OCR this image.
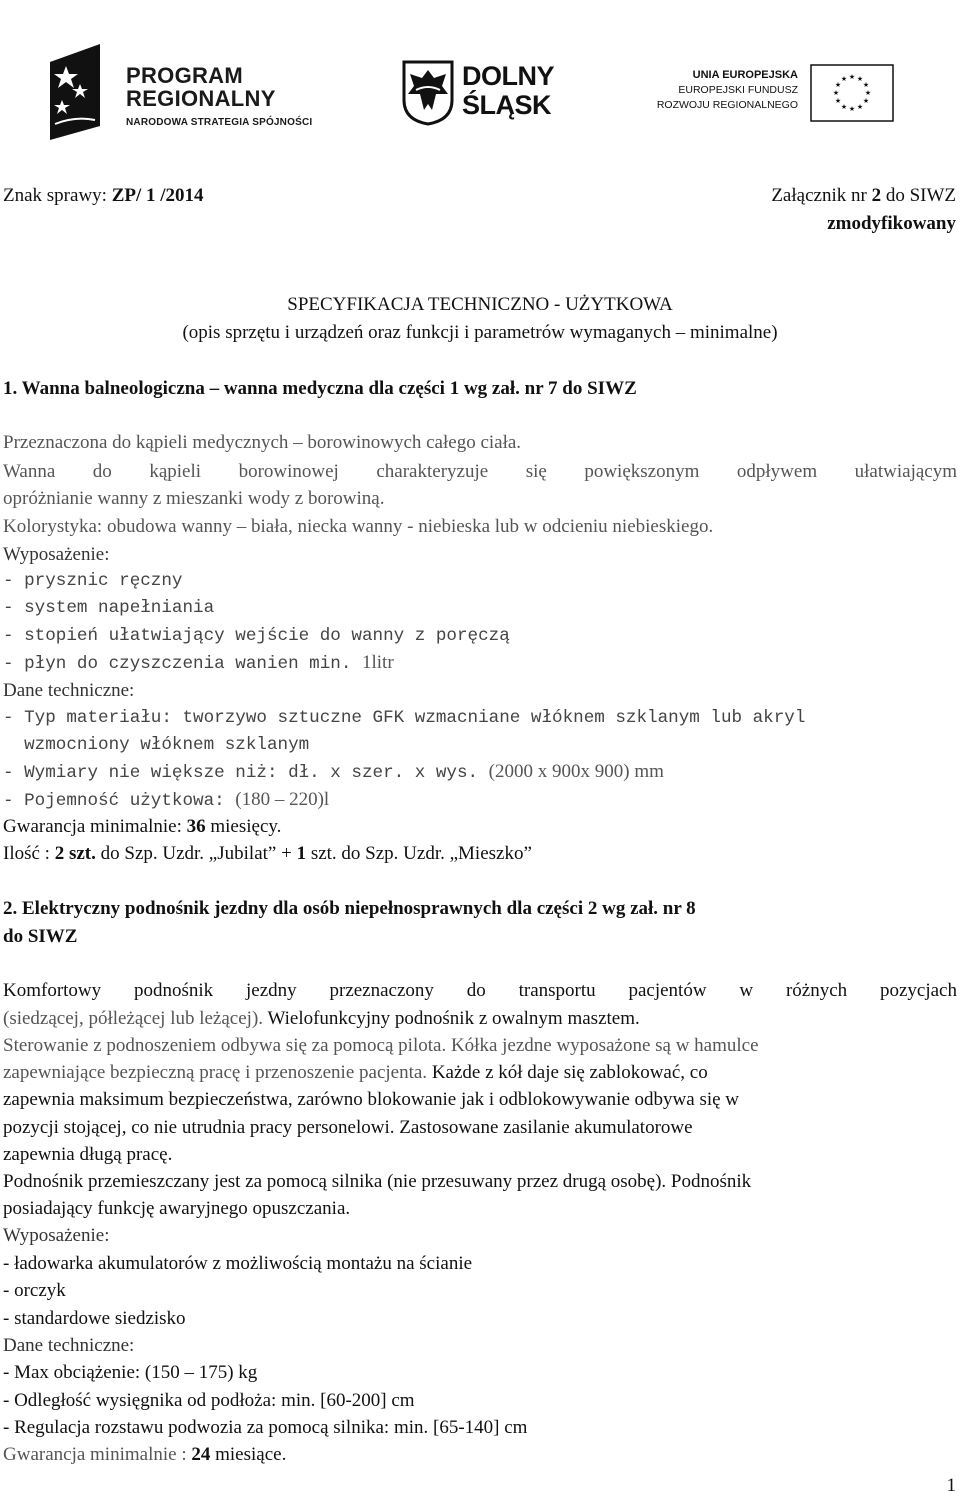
PROGRAM
REGIONALNY
NARODOWA STRATEGIA SPÓJNOŚCI
DOLNY
ŚLĄSK
UNIA EUROPEJSKA
EUROPEJSKI FUNDUSZ
ROZWOJU REGIONALNEGO
★ ★
★
★
★
★
★
★
★
★
★
★
Znak sprawy: ZP/ 1 /2014	Załącznik nr 2 do SIWZ
zmodyfikowany
SPECYFIKACJA TECHNICZNO - UŻYTKOWA
(opis sprzętu i urządzeń oraz funkcji i parametrów wymaganych – minimalne)
1. Wanna balneologiczna – wanna medyczna dla części 1 wg zał. nr 7 do SIWZ
Przeznaczona do kąpieli medycznych – borowinowych całego ciała.
Wanna do kąpieli borowinowej charakteryzuje się powiększonym odpływem ułatwiającym
opróżnianie wanny z mieszanki wody z borowiną.
Kolorystyka: obudowa wanny – biała, niecka wanny - niebieska lub w odcieniu niebieskiego.
Wyposażenie:
- prysznic ręczny
- system napełniania
- stopień ułatwiający wejście do wanny z poręczą
- płyn do czyszczenia wanien min. 1litr
Dane techniczne:
- Typ materiału: tworzywo sztuczne GFK wzmacniane włóknem szklanym lub akryl
wzmocniony włóknem szklanym
- Wymiary nie większe niż: dł. x szer. x wys. (2000 x 900x 900) mm
- Pojemność użytkowa: (180 – 220)l
Gwarancja minimalnie: 36 miesięcy.
Ilość : 2 szt. do Szp. Uzdr. „Jubilat” + 1 szt. do Szp. Uzdr. „Mieszko”
2. Elektryczny podnośnik jezdny dla osób niepełnosprawnych dla części 2 wg zał. nr 8
do SIWZ
Komfortowy podnośnik jezdny przeznaczony do transportu pacjentów w różnych pozycjach
(siedzącej, półleżącej lub leżącej). Wielofunkcyjny podnośnik z owalnym masztem.
Sterowanie z podnoszeniem odbywa się za pomocą pilota. Kółka jezdne wyposażone są w hamulce
zapewniające bezpieczną pracę i przenoszenie pacjenta. Każde z kół daje się zablokować, co
zapewnia maksimum bezpieczeństwa, zarówno blokowanie jak i odblokowywanie odbywa się w
pozycji stojącej, co nie utrudnia pracy personelowi. Zastosowane zasilanie akumulatorowe
zapewnia długą pracę.
Podnośnik przemieszczany jest za pomocą silnika (nie przesuwany przez drugą osobę). Podnośnik
posiadający funkcję awaryjnego opuszczania.
Wyposażenie:
- ładowarka akumulatorów z możliwością montażu na ścianie
- orczyk
- standardowe siedzisko
Dane techniczne:
- Max obciążenie: (150 – 175) kg
- Odległość wysięgnika od podłoża: min. [60-200] cm
- Regulacja rozstawu podwozia za pomocą silnika: min. [65-140] cm
Gwarancja minimalnie : 24 miesiące.
1
